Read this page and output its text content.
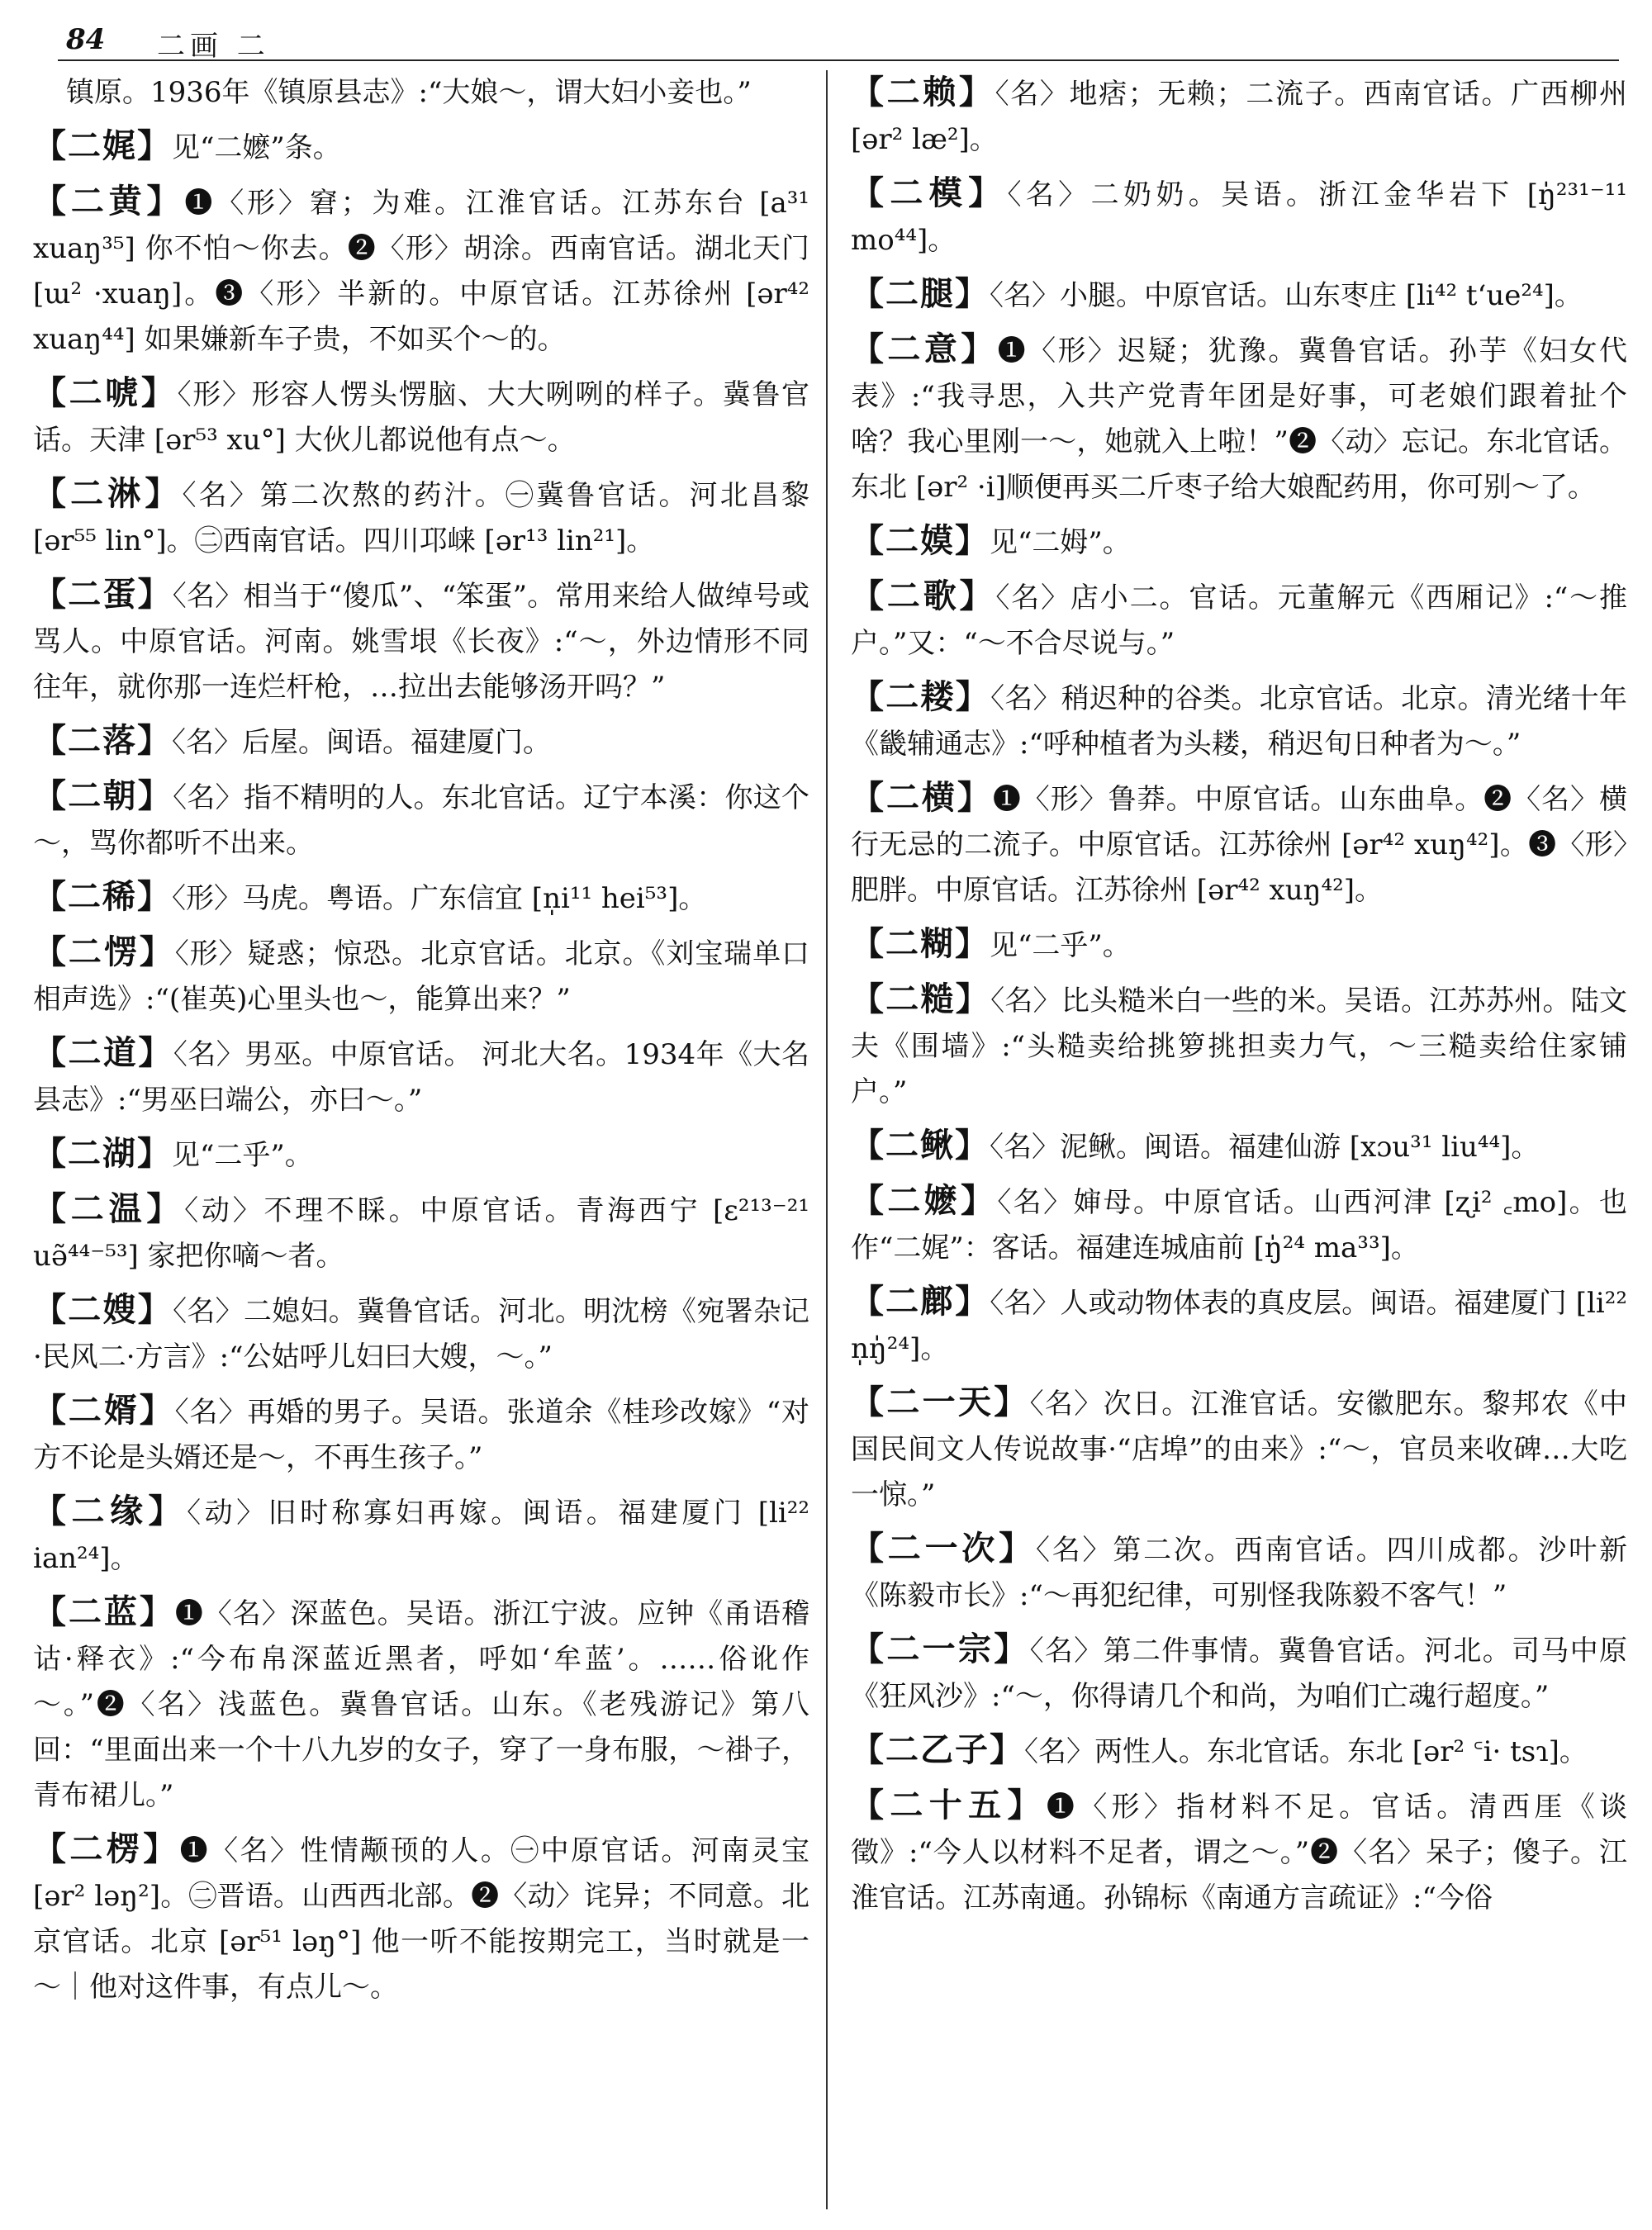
84 二画 二
镇原。1936年《镇原县志》:“大娘～，谓大妇小妾也。”
【二娓】见“二嬷”条。
【二黄】❶〈形〉窘；为难。江淮官话。江苏东台 [a³¹ xuaŋ³⁵] 你不怕～你去。❷〈形〉胡涂。西南官话。湖北天门 [ɯ² ·xuaŋ]。❸〈形〉半新的。中原官话。江苏徐州 [ər⁴² xuaŋ⁴⁴] 如果嫌新车子贵，不如买个～的。
【二唬】〈形〉形容人愣头愣脑、大大咧咧的样子。冀鲁官话。天津 [ər⁵³ xu°] 大伙儿都说他有点～。
【二淋】〈名〉第二次熬的药汁。㊀冀鲁官话。河北昌黎 [ər⁵⁵ lin°]。㊁西南官话。四川邛崃 [ər¹³ lin²¹]。
【二蛋】〈名〉相当于“傻瓜”、“笨蛋”。常用来给人做绰号或骂人。中原官话。河南。姚雪垠《长夜》:“～，外边情形不同往年，就你那一连烂杆枪，…拉出去能够汤开吗？”
【二落】〈名〉后屋。闽语。福建厦门。
【二朝】〈名〉指不精明的人。东北官话。辽宁本溪：你这个～，骂你都听不出来。
【二稀】〈形〉马虎。粤语。广东信宜 [n̩i¹¹ hei⁵³]。
【二愣】〈形〉疑惑；惊恐。北京官话。北京。《刘宝瑞单口相声选》:“(崔英)心里头也～，能算出来？”
【二道】〈名〉男巫。中原官话。 河北大名。1934年《大名县志》:“男巫曰端公，亦曰～。”
【二湖】见“二乎”。
【二温】〈动〉不理不睬。中原官话。青海西宁 [ɛ²¹³⁻²¹ uə̃⁴⁴⁻⁵³] 家把你嘀～者。
【二嫂】〈名〉二媳妇。冀鲁官话。河北。明沈榜《宛署杂记·民风二·方言》:“公姑呼儿妇曰大嫂，～。”
【二婿】〈名〉再婚的男子。吴语。张道余《桂珍改嫁》“对方不论是头婿还是～，不再生孩子。”
【二缘】〈动〉旧时称寡妇再嫁。闽语。福建厦门 [li²² ian²⁴]。
【二蓝】❶〈名〉深蓝色。吴语。浙江宁波。应钟《甬语稽诂·释衣》:“今布帛深蓝近黑者，呼如‘牟蓝’。……俗讹作～。”❷〈名〉浅蓝色。冀鲁官话。山东。《老残游记》第八回：“里面出来一个十八九岁的女子，穿了一身布服，～褂子，青布裙儿。”
【二楞】❶〈名〉性情颟顸的人。㊀中原官话。河南灵宝 [ər² ləŋ²]。㊁晋语。山西西北部。❷〈动〉诧异；不同意。北京官话。北京 [ər⁵¹ ləŋ°] 他一听不能按期完工，当时就是一～｜他对这件事，有点儿～。
【二赖】〈名〉地痞；无赖；二流子。西南官话。广西柳州 [ər² læ²]。
【二模】〈名〉二奶奶。吴语。浙江金华岩下 [ŋ̍²³¹⁻¹¹ mo⁴⁴]。
【二腿】〈名〉小腿。中原官话。山东枣庄 [li⁴² t‘ue²⁴]。
【二意】❶〈形〉迟疑；犹豫。冀鲁官话。孙芋《妇女代表》:“我寻思，入共产党青年团是好事，可老娘们跟着扯个啥？我心里刚一～，她就入上啦！”❷〈动〉忘记。东北官话。东北 [ər² ·i]顺便再买二斤枣子给大娘配药用，你可别～了。
【二嫫】见“二姆”。
【二歌】〈名〉店小二。官话。元董解元《西厢记》:“～推户。”又：“～不合尽说与。”
【二耧】〈名〉稍迟种的谷类。北京官话。北京。清光绪十年《畿辅通志》:“呼种植者为头耧，稍迟旬日种者为～。”
【二横】❶〈形〉鲁莽。中原官话。山东曲阜。❷〈名〉横行无忌的二流子。中原官话。江苏徐州 [ər⁴² xuŋ⁴²]。❸〈形〉肥胖。中原官话。江苏徐州 [ər⁴² xuŋ⁴²]。
【二糊】见“二乎”。
【二糙】〈名〉比头糙米白一些的米。吴语。江苏苏州。陆文夫《围墙》:“头糙卖给挑箩挑担卖力气，～三糙卖给住家铺户。”
【二鳅】〈名〉泥鳅。闽语。福建仙游 [xɔu³¹ liu⁴⁴]。
【二嬷】〈名〉婶母。中原官话。山西河津 [ʐi² ꜀mo]。也作“二娓”：客话。福建连城庙前 [ŋ̍²⁴ ma³³]。
【二鄜】〈名〉人或动物体表的真皮层。闽语。福建厦门 [li²² n̩ŋ̍²⁴]。
【二一天】〈名〉次日。江淮官话。安徽肥东。黎邦农《中国民间文人传说故事·“店埠”的由来》:“～，官员来收碑…大吃一惊。”
【二一次】〈名〉第二次。西南官话。四川成都。沙叶新《陈毅市长》:“～再犯纪律，可别怪我陈毅不客气！”
【二一宗】〈名〉第二件事情。冀鲁官话。河北。司马中原《狂风沙》:“～，你得请几个和尚，为咱们亡魂行超度。”
【二乙子】〈名〉两性人。东北官话。东北 [ər² ꜂i· tsɿ]。
【二十五】❶〈形〉指材料不足。官话。清西厓《谈徵》:“今人以材料不足者，谓之～。”❷〈名〉呆子；傻子。江淮官话。江苏南通。孙锦标《南通方言疏证》:“今俗
